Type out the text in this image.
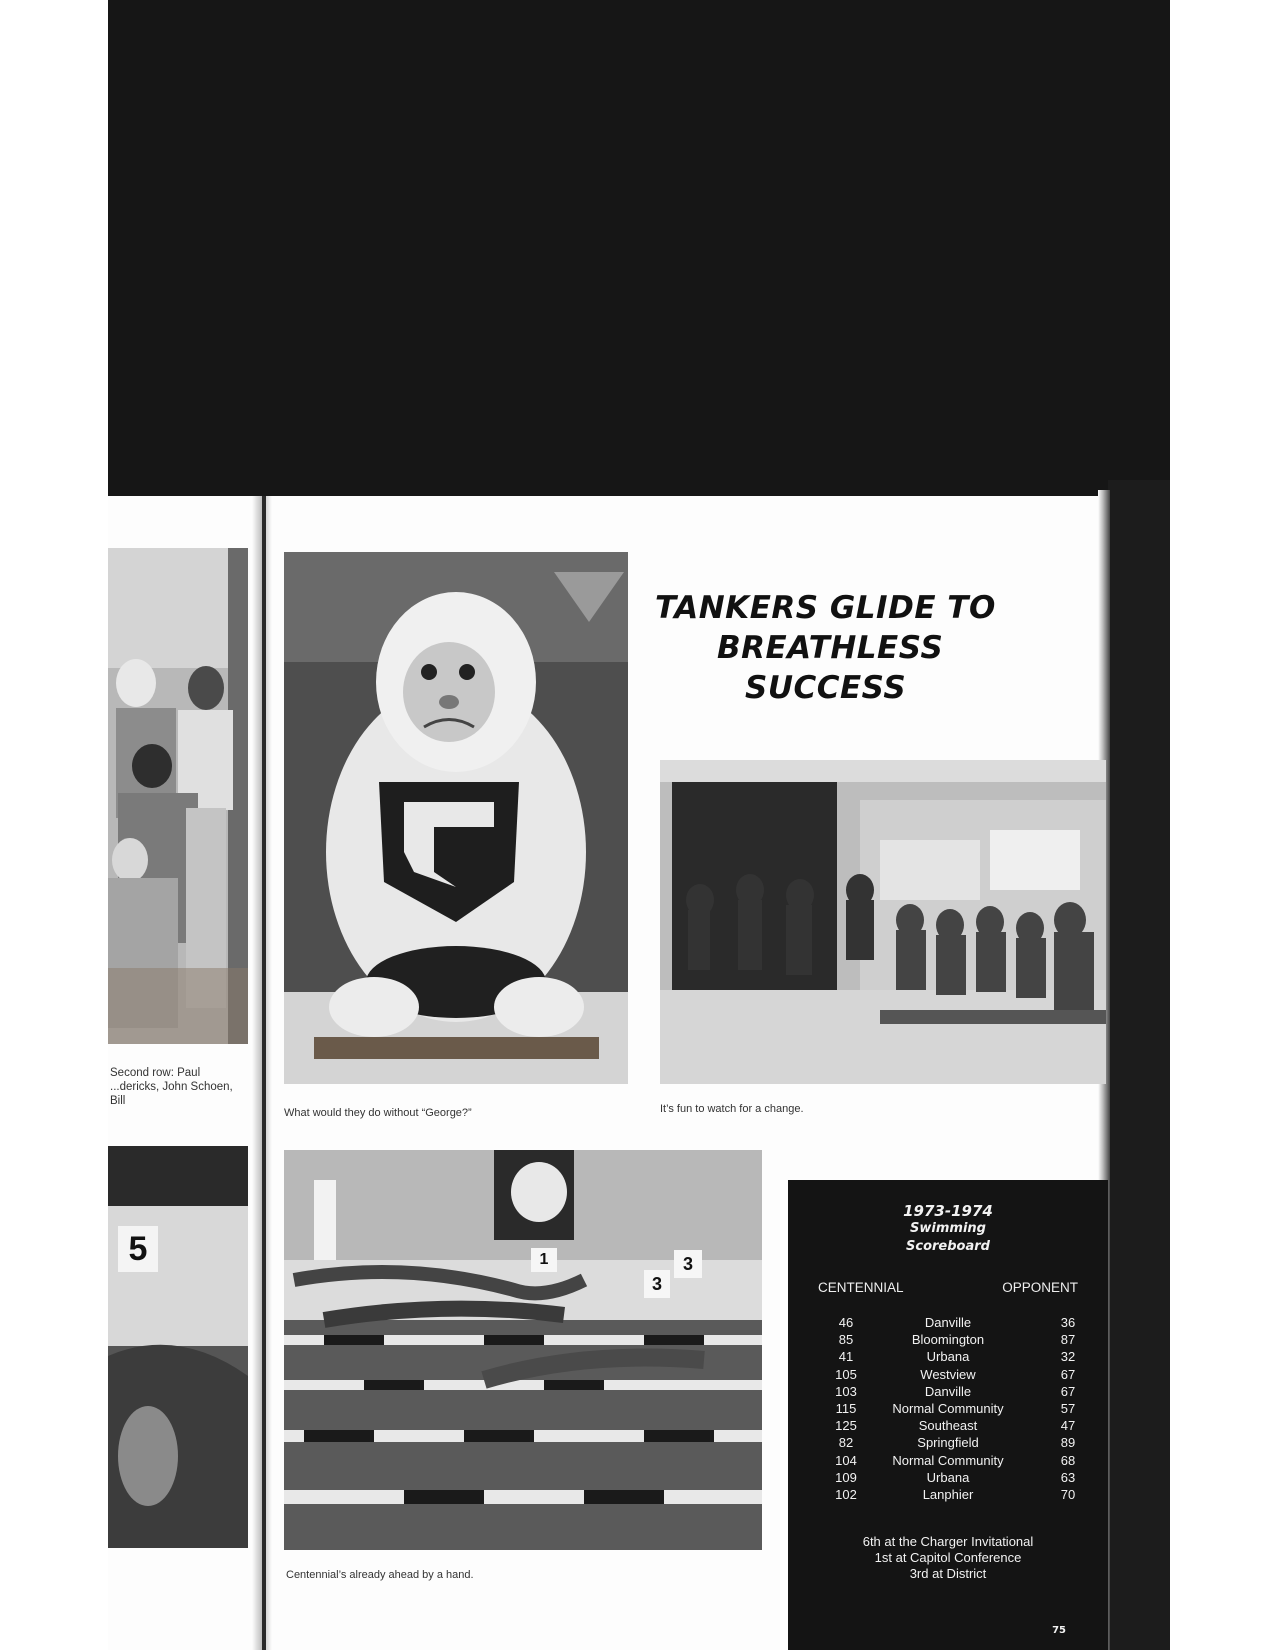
Second row: Paul ...dericks, John Schoen, Bill
5
What would they do without “George?”
TANKERS GLIDE TO
BREATHLESS
SUCCESS
It’s fun to watch for a change.
1	3
3
Centennial’s already ahead by a hand.
1973-1974
Swimming
Scoreboard
CENTENNIAL	OPPONENT
46	Danville	36
85	Bloomington	87
41	Urbana	32
105	Westview	67
103	Danville	67
115	Normal Community	57
125	Southeast	47
82	Springfield	89
104	Normal Community	68
109	Urbana	63
102	Lanphier	70
6th at the Charger Invitational
1st at Capitol Conference
3rd at District
75
